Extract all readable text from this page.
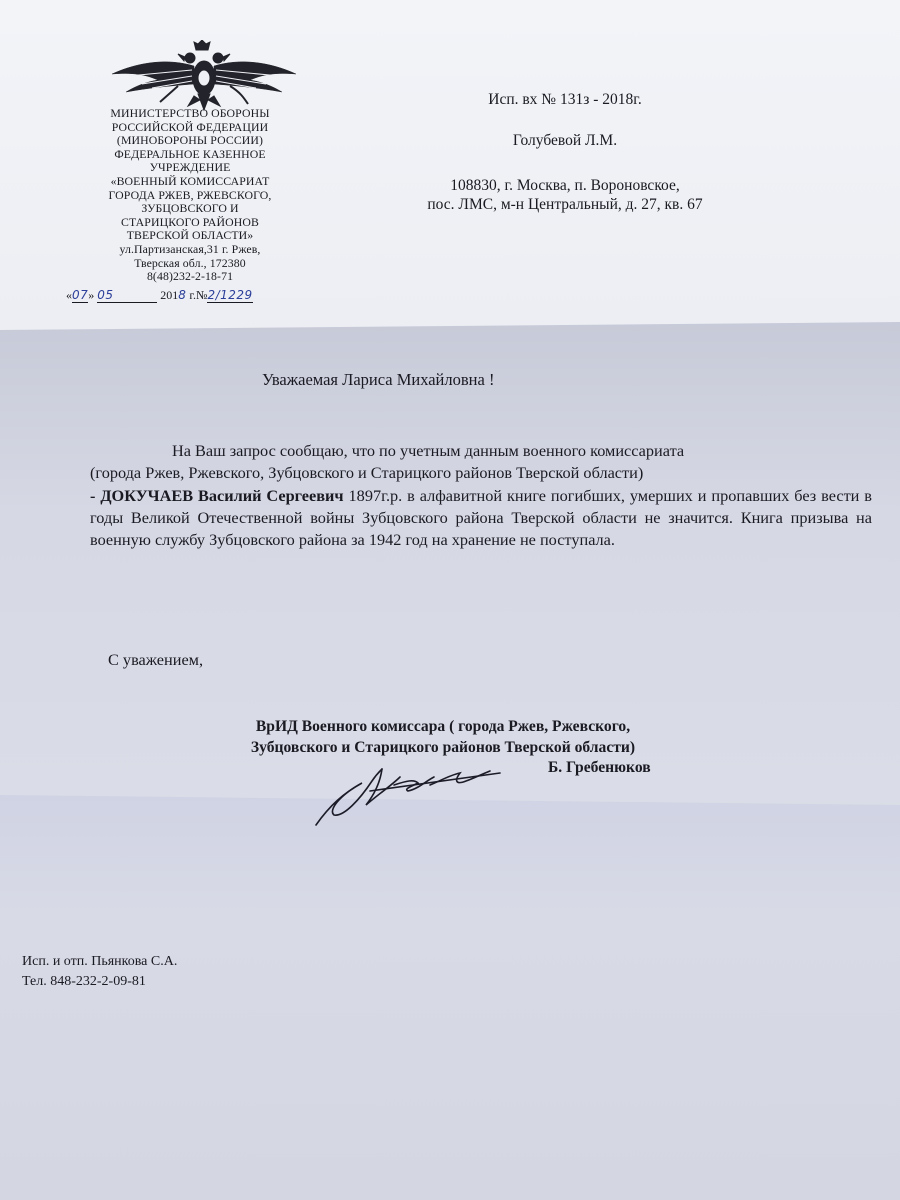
МИНИСТЕРСТВО ОБОРОНЫ
РОССИЙСКОЙ ФЕДЕРАЦИИ
(МИНОБОРОНЫ РОССИИ)
ФЕДЕРАЛЬНОЕ КАЗЕННОЕ
УЧРЕЖДЕНИЕ
«ВОЕННЫЙ КОМИССАРИАТ
ГОРОДА РЖЕВ, РЖЕВСКОГО,
ЗУБЦОВСКОГО И
СТАРИЦКОГО РАЙОНОВ
ТВЕРСКОЙ ОБЛАСТИ»
ул.Партизанская,31 г. Ржев,
Тверская обл., 172380
8(48)232-2-18-71
«07» 05	2018 г.№2/1229
Исп. вх № 131з - 2018г.
Голубевой Л.М.
108830, г. Москва, п. Вороновское,
пос. ЛМС, м-н Центральный, д. 27, кв. 67
Уважаемая Лариса Михайловна !

На Ваш запрос сообщаю, что по учетным данным военного комиссариата

(города Ржев, Ржевского, Зубцовского и Старицкого районов Тверской области)

- ДОКУЧАЕВ Василий Сергеевич 1897г.р. в алфавитной книге погибших, умерших и пропавших без вести в годы Великой Отечественной войны Зубцовского района Тверской области не значится. Книга призыва на военную службу Зубцовского района за 1942 год на хранение не поступала.

С уважением,
ВрИД Военного комиссара ( города Ржев, Ржевского,
Зубцовского и Старицкого районов Тверской области)
Б. Гребенюков
Исп. и отп. Пьянкова С.А.
Тел. 848-232-2-09-81
